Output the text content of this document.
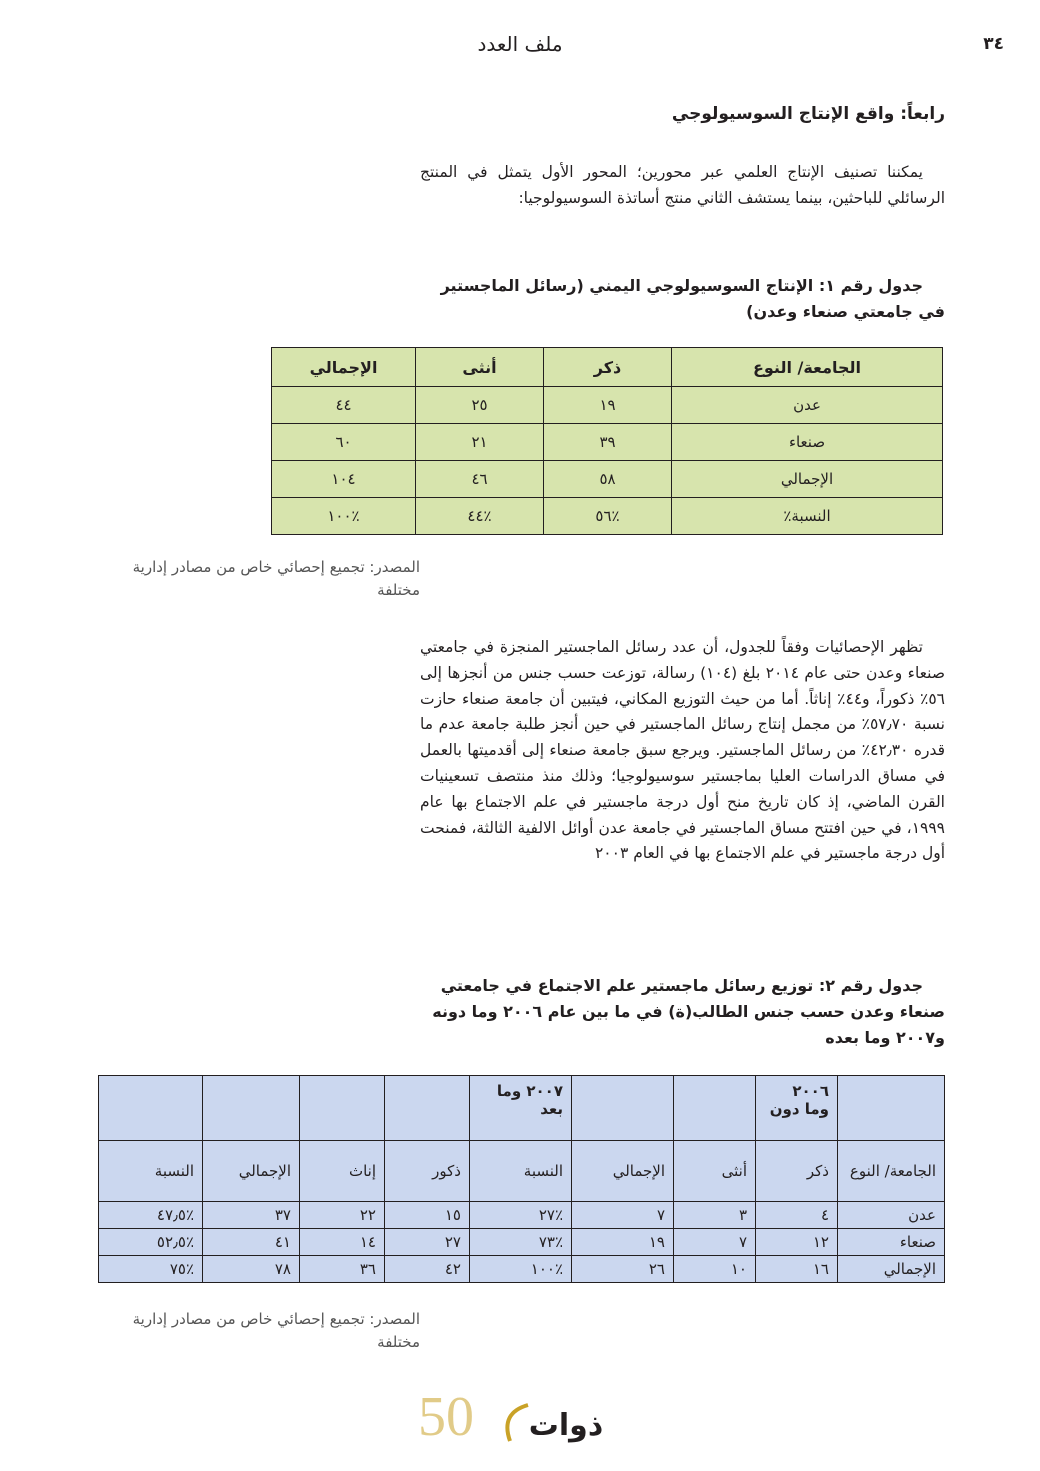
٣٤
ملف العدد
رابعاً: واقع الإنتاج السوسيولوجي

يمكننا تصنيف الإنتاج العلمي عبر محورين؛ المحور الأول يتمثل في المنتج الرسائلي للباحثين، بينما يستشف الثاني منتج أساتذة السوسيولوجيا:

جدول رقم ١: الإنتاج السوسيولوجي اليمني (رسائل الماجستير في جامعتي صنعاء وعدن)

الجامعة/ النوع	ذكر	أنثى	الإجمالي
عدن	١٩	٢٥	٤٤
صنعاء	٣٩	٢١	٦٠
الإجمالي	٥٨	٤٦	١٠٤
النسبة٪	٪٥٦	٪٤٤	٪١٠٠

المصدر: تجميع إحصائي خاص من مصادر إدارية مختلفة

تظهر الإحصائيات وفقاً للجدول، أن عدد رسائل الماجستير المنجزة في جامعتي صنعاء وعدن حتى عام ٢٠١٤ بلغ (١٠٤) رسالة، توزعت حسب جنس من أنجزها إلى ٥٦٪ ذكوراً، و٤٤٪ إناثاً. أما من حيث التوزيع المكاني، فيتبين أن جامعة صنعاء حازت نسبة ٥٧٫٧٠٪ من مجمل إنتاج رسائل الماجستير في حين أنجز طلبة جامعة عدم ما قدره ٤٢٫٣٠٪ من رسائل الماجستير. ويرجع سبق جامعة صنعاء إلى أقدميتها بالعمل في مساق الدراسات العليا بماجستير سوسيولوجيا؛ وذلك منذ منتصف تسعينيات القرن الماضي، إذ كان تاريخ منح أول درجة ماجستير في علم الاجتماع بها عام ١٩٩٩، في حين افتتح مساق الماجستير في جامعة عدن أوائل الالفية الثالثة، فمنحت أول درجة ماجستير في علم الاجتماع بها في العام ٢٠٠٣

جدول رقم ٢: توزيع رسائل ماجستير علم الاجتماع في جامعتي صنعاء وعدن حسب جنس الطالب(ة) في ما بين عام ٢٠٠٦ وما دونه و٢٠٠٧ وما بعده

	٢٠٠٦ وما دون			٢٠٠٧ وما بعد				
الجامعة/ النوع	ذكر	أنثى	الإجمالي	النسبة	ذكور	إناث	الإجمالي	النسبة
عدن	٤	٣	٧	٪٢٧	١٥	٢٢	٣٧	٪٤٧٫٥
صنعاء	١٢	٧	١٩	٪٧٣	٢٧	١٤	٤١	٪٥٢٫٥
الإجمالي	١٦	١٠	٢٦	٪١٠٠	٤٢	٣٦	٧٨	٪٧٥

المصدر: تجميع إحصائي خاص من مصادر إدارية مختلفة

50 ذوات
